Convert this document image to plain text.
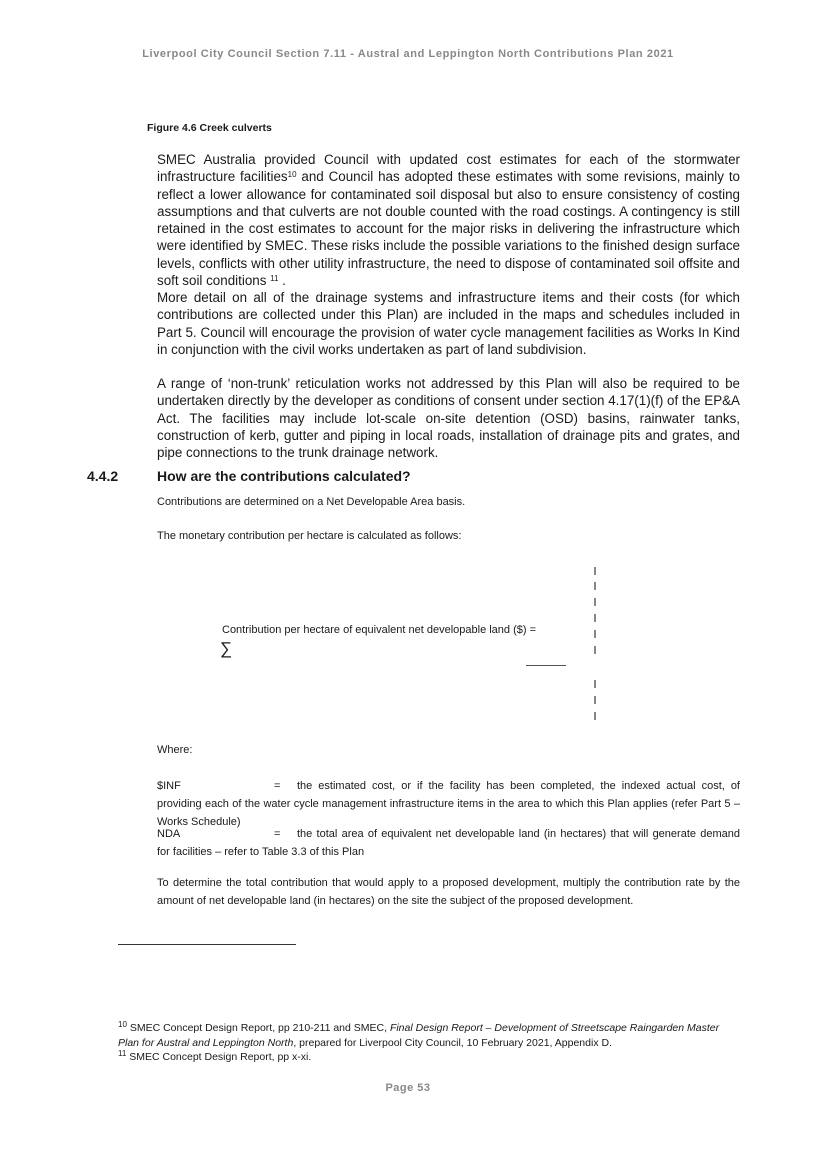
Liverpool City Council Section 7.11 - Austral and Leppington North Contributions Plan 2021
Figure 4.6 Creek culverts

SMEC Australia provided Council with updated cost estimates for each of the stormwater infrastructure facilities$^{10}$ and Council has adopted these estimates with some revisions, mainly to reflect a lower allowance for contaminated soil disposal but also to ensure consistency of costing assumptions and that culverts are not double counted with the road costings. A contingency is still retained in the cost estimates to account for the major risks in delivering the infrastructure which were identified by SMEC. These risks include the possible variations to the finished design surface levels, conflicts with other utility infrastructure, the need to dispose of contaminated soil offsite and soft soil conditions $^{11}$ .

More detail on all of the drainage systems and infrastructure items and their costs (for which contributions are collected under this Plan) are included in the maps and schedules included in Part 5. Council will encourage the provision of water cycle management facilities as Works In Kind in conjunction with the civil works undertaken as part of land subdivision.

A range of ‘non-trunk’ reticulation works not addressed by this Plan will also be required to be undertaken directly by the developer as conditions of consent under section 4.17(1)(f) of the EP&A Act. The facilities may include lot-scale on-site detention (OSD) basins, rainwater tanks, construction of kerb, gutter and piping in local roads, installation of drainage pits and grates, and pipe connections to the trunk drainage network.

4.4.2	How are the contributions calculated?

Contributions are determined on a Net Developable Area basis.

The monetary contribution per hectare is calculated as follows:

Contribution per hectare of equivalent net developable land ($) =
∑

Where:

$INF	= the estimated cost, or if the facility has been completed, the indexed actual cost, of providing each of the water cycle management infrastructure items in the area to which this Plan applies (refer Part 5 – Works Schedule)

NDA	= the total area of equivalent net developable land (in hectares) that will generate demand for facilities – refer to Table 3.3 of this Plan

To determine the total contribution that would apply to a proposed development, multiply the contribution rate by the amount of net developable land (in hectares) on the site the subject of the proposed development.

$^{10}$ SMEC Concept Design Report, pp 210-211 and SMEC, Final Design Report – Development of Streetscape Raingarden Master Plan for Austral and Leppington North, prepared for Liverpool City Council, 10 February 2021, Appendix D.
$^{11}$ SMEC Concept Design Report, pp x-xi.

Page 53
